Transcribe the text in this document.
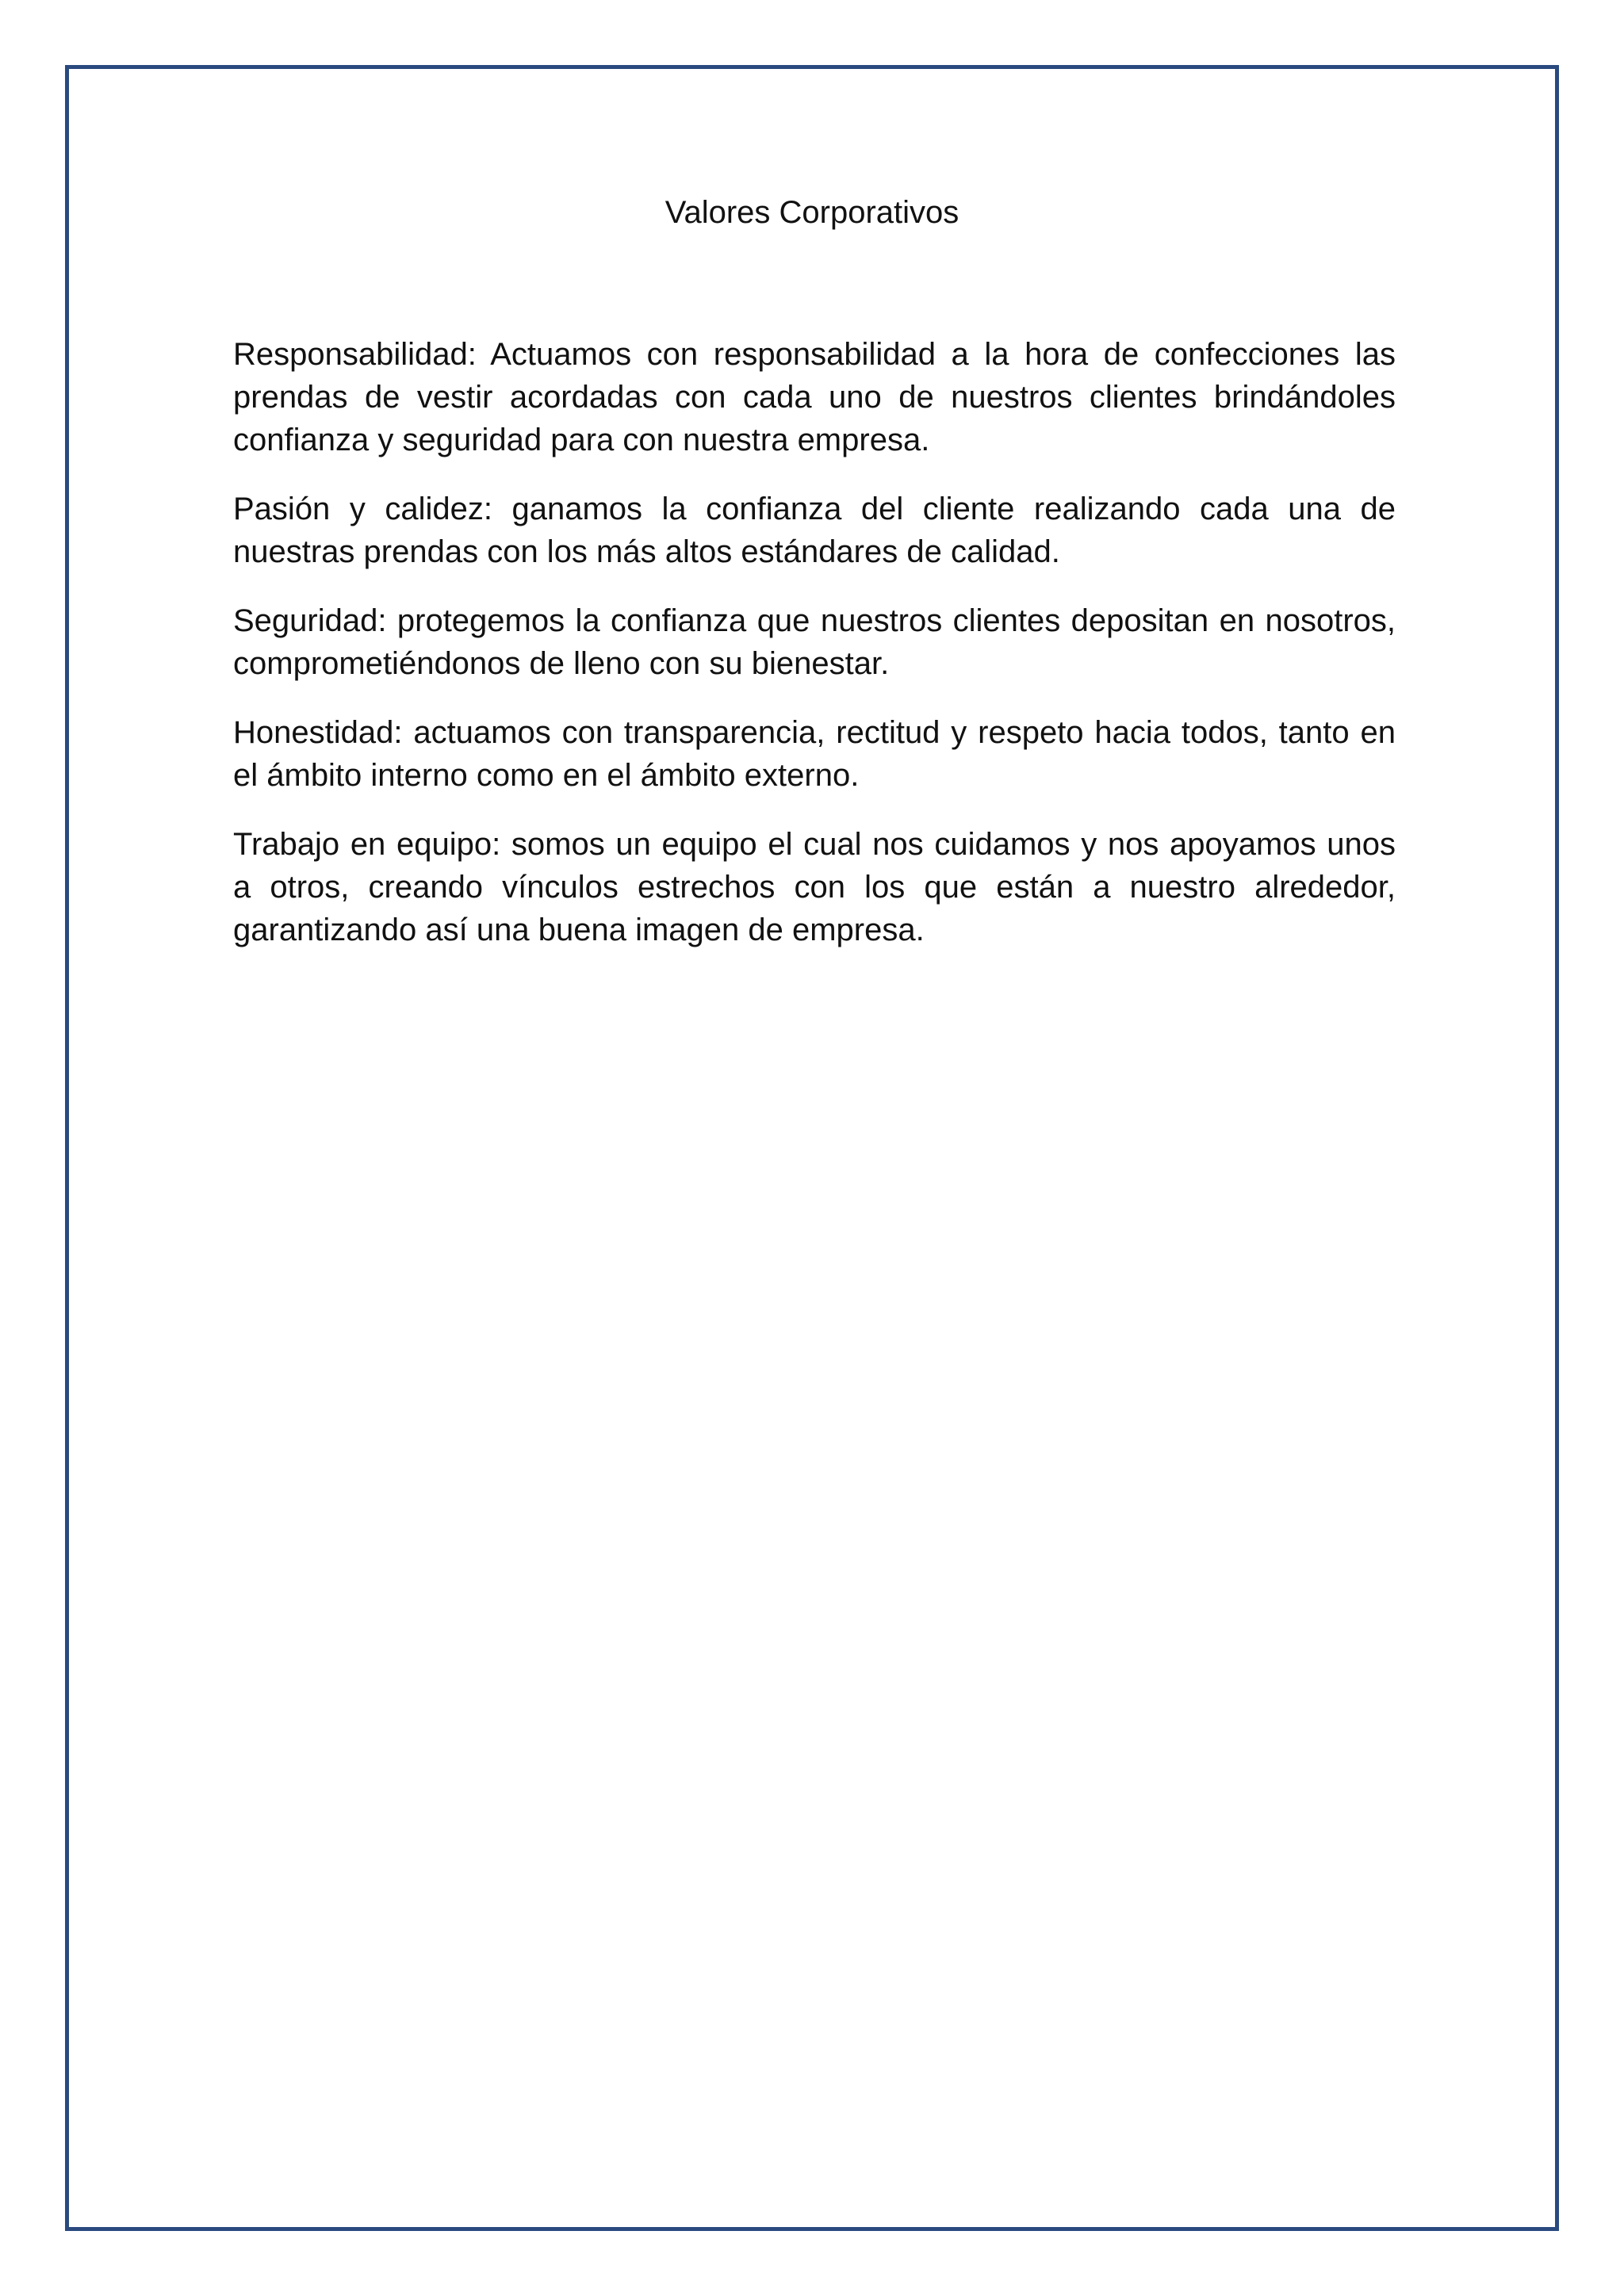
Valores Corporativos

Responsabilidad: Actuamos con responsabilidad a la hora de confecciones las prendas de vestir acordadas con cada uno de nuestros clientes brindándoles confianza y seguridad para con nuestra empresa.

Pasión y calidez: ganamos la confianza del cliente realizando cada una de nuestras prendas con los más altos estándares de calidad.

Seguridad: protegemos la confianza que nuestros clientes depositan en nosotros, comprometiéndonos de lleno con su bienestar.

Honestidad: actuamos con transparencia, rectitud y respeto hacia todos, tanto en el ámbito interno como en el ámbito externo.

Trabajo en equipo: somos un equipo el cual nos cuidamos y nos apoyamos unos a otros, creando vínculos estrechos con los que están a nuestro alrededor, garantizando así una buena imagen de empresa.
